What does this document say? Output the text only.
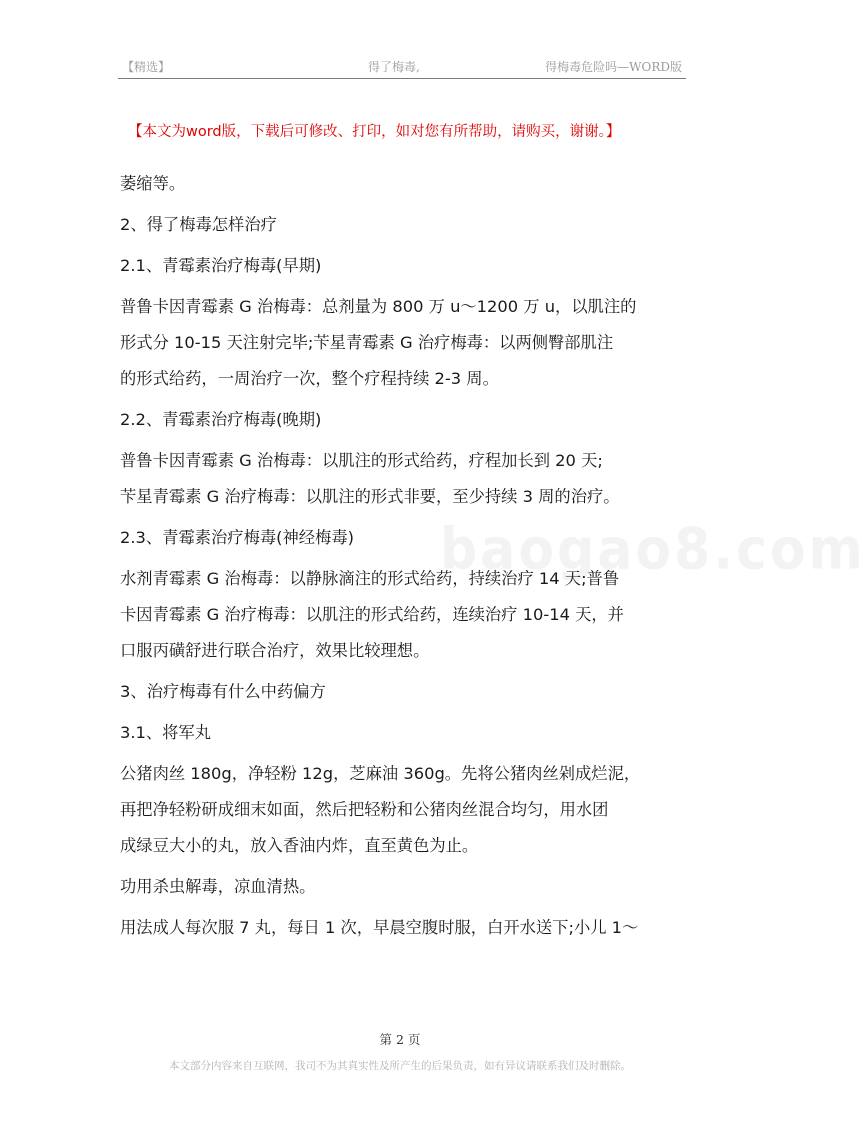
【精选】	得了梅毒,	得梅毒危险吗—WORD版
【本文为word版，下载后可修改、打印，如对您有所帮助，请购买，谢谢。】
baogao8.com
萎缩等。
2、得了梅毒怎样治疗
2.1、青霉素治疗梅毒(早期)
普鲁卡因青霉素 G 治梅毒：总剂量为 800 万 u～1200 万 u，以肌注的
形式分 10-15 天注射完毕;苄星青霉素 G 治疗梅毒：以两侧臀部肌注
的形式给药，一周治疗一次，整个疗程持续 2-3 周。
2.2、青霉素治疗梅毒(晚期)
普鲁卡因青霉素 G 治梅毒：以肌注的形式给药，疗程加长到 20 天;
苄星青霉素 G 治疗梅毒：以肌注的形式非要，至少持续 3 周的治疗。
2.3、青霉素治疗梅毒(神经梅毒)
水剂青霉素 G 治梅毒：以静脉滴注的形式给药，持续治疗 14 天;普鲁
卡因青霉素 G 治疗梅毒：以肌注的形式给药，连续治疗 10-14 天，并
口服丙磺舒进行联合治疗，效果比较理想。
3、治疗梅毒有什么中药偏方
3.1、将军丸
公猪肉丝 180g，净轻粉 12g，芝麻油 360g。先将公猪肉丝剁成烂泥，
再把净轻粉研成细末如面，然后把轻粉和公猪肉丝混合均匀，用水团
成绿豆大小的丸，放入香油内炸，直至黄色为止。
功用杀虫解毒，凉血清热。
用法成人每次服 7 丸，每日 1 次，早晨空腹时服，白开水送下;小儿 1～
第 2 页
本文部分内容来自互联网，我司不为其真实性及所产生的后果负责，如有异议请联系我们及时删除。
